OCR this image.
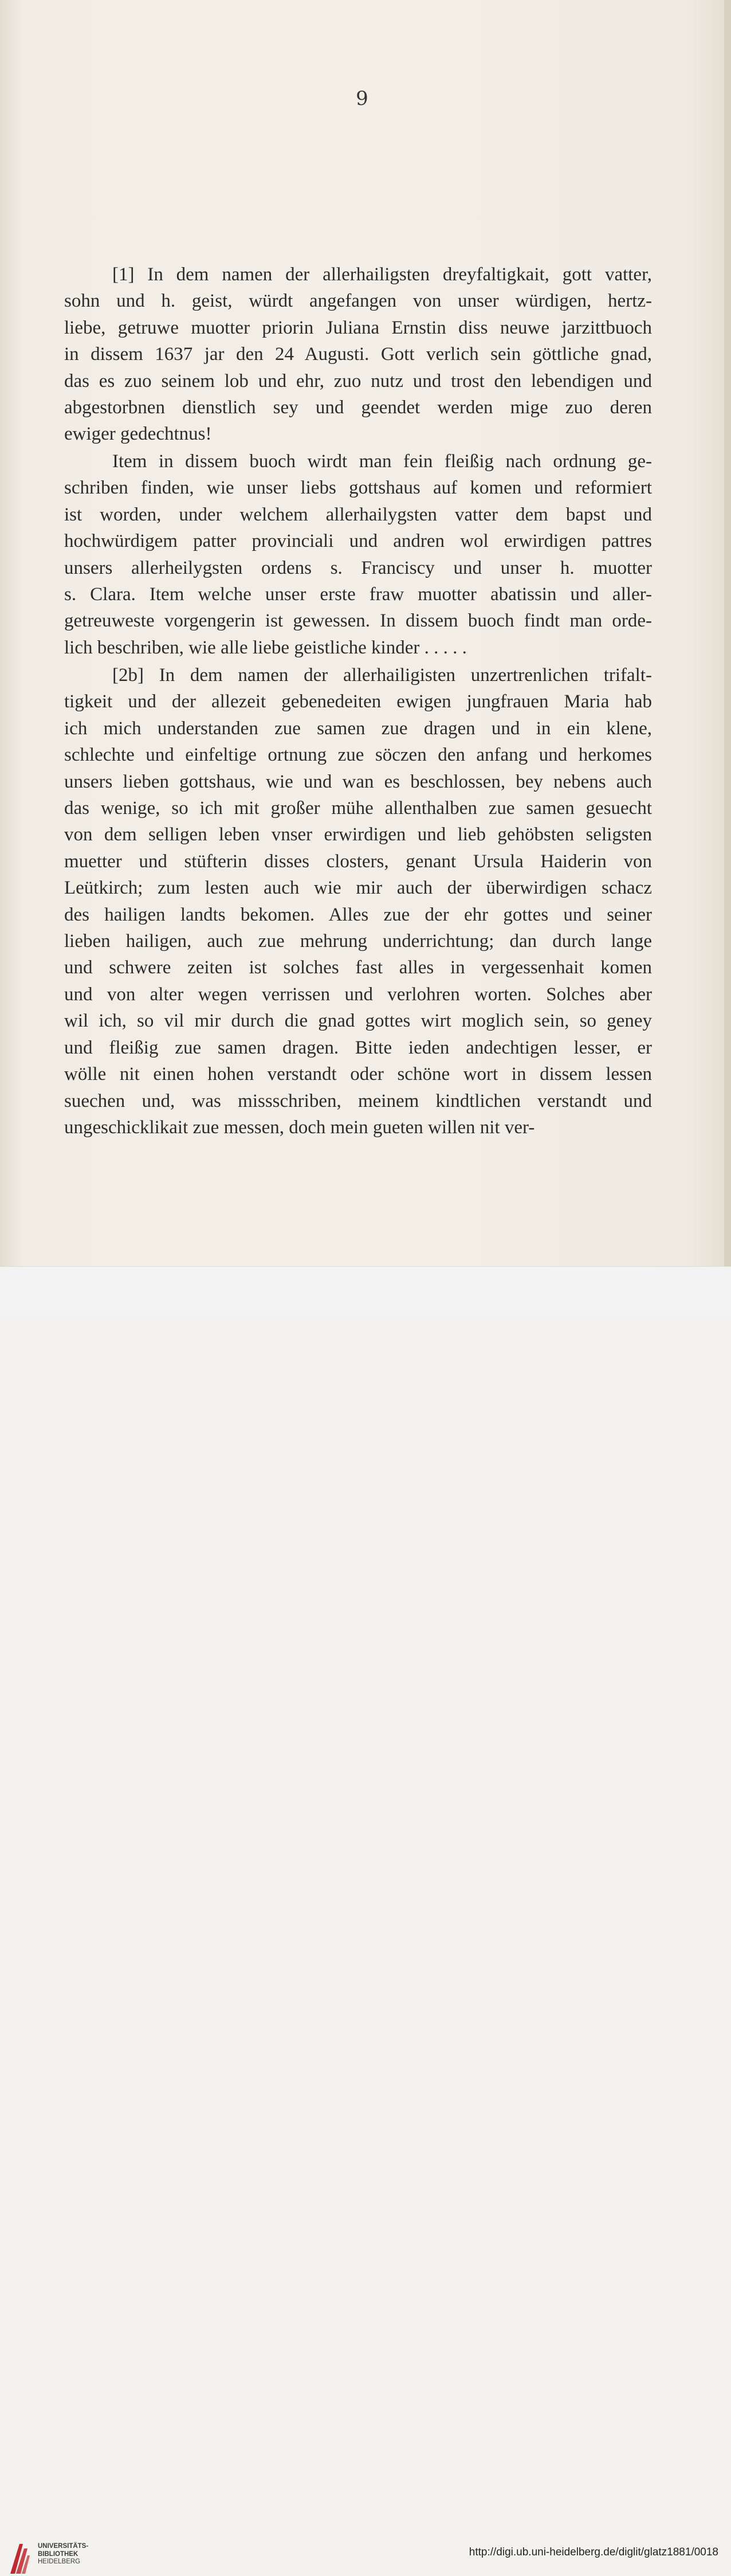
9

[1] In dem namen der allerhailigsten dreyfaltigkait, gott vatter,
sohn und h. geist, würdt angefangen von unser würdigen, hertz-
liebe, getruwe muotter priorin Juliana Ernstin diss neuwe jarzittbuoch
in dissem 1637 jar den 24 Augusti. Gott verlich sein göttliche gnad,
das es zuo seinem lob und ehr, zuo nutz und trost den lebendigen und
abgestorbnen dienstlich sey und geendet werden mige zuo deren
ewiger gedechtnus!

Item in dissem buoch wirdt man fein fleißig nach ordnung ge-
schriben finden, wie unser liebs gottshaus auf komen und reformiert
ist worden, under welchem allerhailygsten vatter dem bapst und
hochwürdigem patter provinciali und andren wol erwirdigen pattres
unsers allerheilygsten ordens s. Franciscy und unser h. muotter
s. Clara. Item welche unser erste fraw muotter abatissin und aller-
getreuweste vorgengerin ist gewessen. In dissem buoch findt man orde-
lich beschriben, wie alle liebe geistliche kinder . . . . .

[2b] In dem namen der allerhailigisten unzertrenlichen trifalt-
tigkeit und der allezeit gebenedeiten ewigen jungfrauen Maria hab
ich mich understanden zue samen zue dragen und in ein klene,
schlechte und einfeltige ortnung zue söczen den anfang und herkomes
unsers lieben gottshaus, wie und wan es beschlossen, bey nebens auch
das wenige, so ich mit großer mühe allenthalben zue samen gesuecht
von dem selligen leben vnser erwirdigen und lieb gehöbsten seligsten
muetter und stüfterin disses closters, genant Ursula Haiderin von
Leütkirch; zum lesten auch wie mir auch der überwirdigen schacz
des hailigen landts bekomen. Alles zue der ehr gottes und seiner
lieben hailigen, auch zue mehrung underrichtung; dan durch lange
und schwere zeiten ist solches fast alles in vergessenhait komen
und von alter wegen verrissen und verlohren worten. Solches aber
wil ich, so vil mir durch die gnad gottes wirt moglich sein, so geney
und fleißig zue samen dragen. Bitte ieden andechtigen lesser, er
wölle nit einen hohen verstandt oder schöne wort in dissem lessen
suechen und, was missschriben, meinem kindtlichen verstandt und
ungeschicklikait zue messen, doch mein gueten willen nit ver-

UNIVERSITÄTS-
BIBLIOTHEK
HEIDELBERG
http://digi.ub.uni-heidelberg.de/diglit/glatz1881/0018
